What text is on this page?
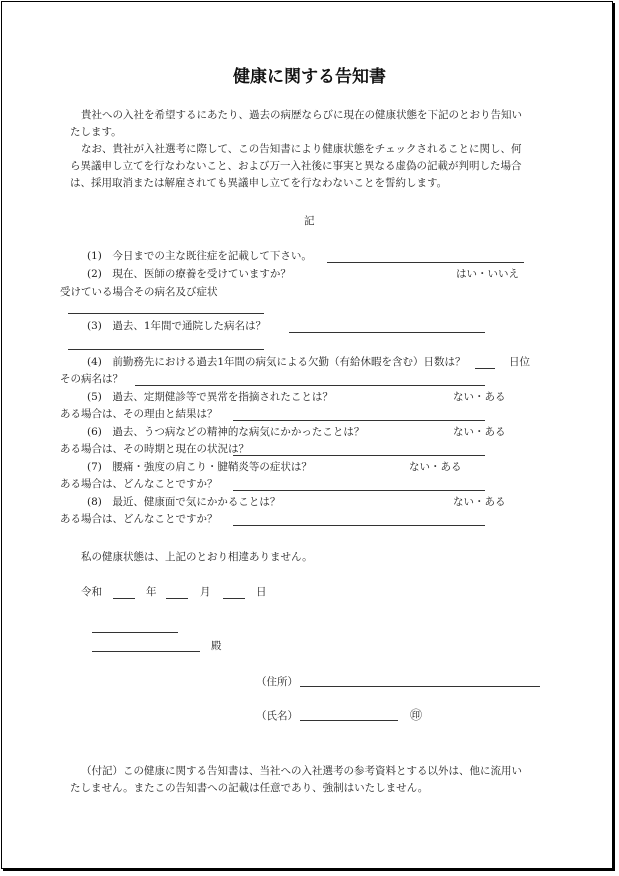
健康に関する告知書
貴社への入社を希望するにあたり、過去の病歴ならびに現在の健康状態を下記のとおり告知い
たします。
なお、貴社が入社選考に際して、この告知書により健康状態をチェックされることに関し、何
ら異議申し立てを行なわないこと、および万一入社後に事実と異なる虚偽の記載が判明した場合
は、採用取消または解雇されても異議申し立てを行なわないことを誓約します。
記
(1)　今日までの主な既往症を記載して下さい。
(2)　現在、医師の療養を受けていますか？	はい・いいえ
受けている場合その病名及び症状
(3)　過去、1年間で通院した病名は？
(4)　前勤務先における過去1年間の病気による欠勤（有給休暇を含む）日数は？	日位
その病名は？
(5)　過去、定期健診等で異常を指摘されたことは？	ない・ある
ある場合は、その理由と結果は？
(6)　過去、うつ病などの精神的な病気にかかったことは？	ない・ある
ある場合は、その時期と現在の状況は？
(7)　腰痛・強度の肩こり・腱鞘炎等の症状は？	ない・ある
ある場合は、どんなことですか？
(8)　最近、健康面で気にかかることは？	ない・ある
ある場合は、どんなことですか？
私の健康状態は、上記のとおり相違ありません。
令和	年	月	日
殿
（住所）
（氏名）	㊞
（付記）この健康に関する告知書は、当社への入社選考の参考資料とする以外は、他に流用い
たしません。またこの告知書への記載は任意であり、強制はいたしません。
